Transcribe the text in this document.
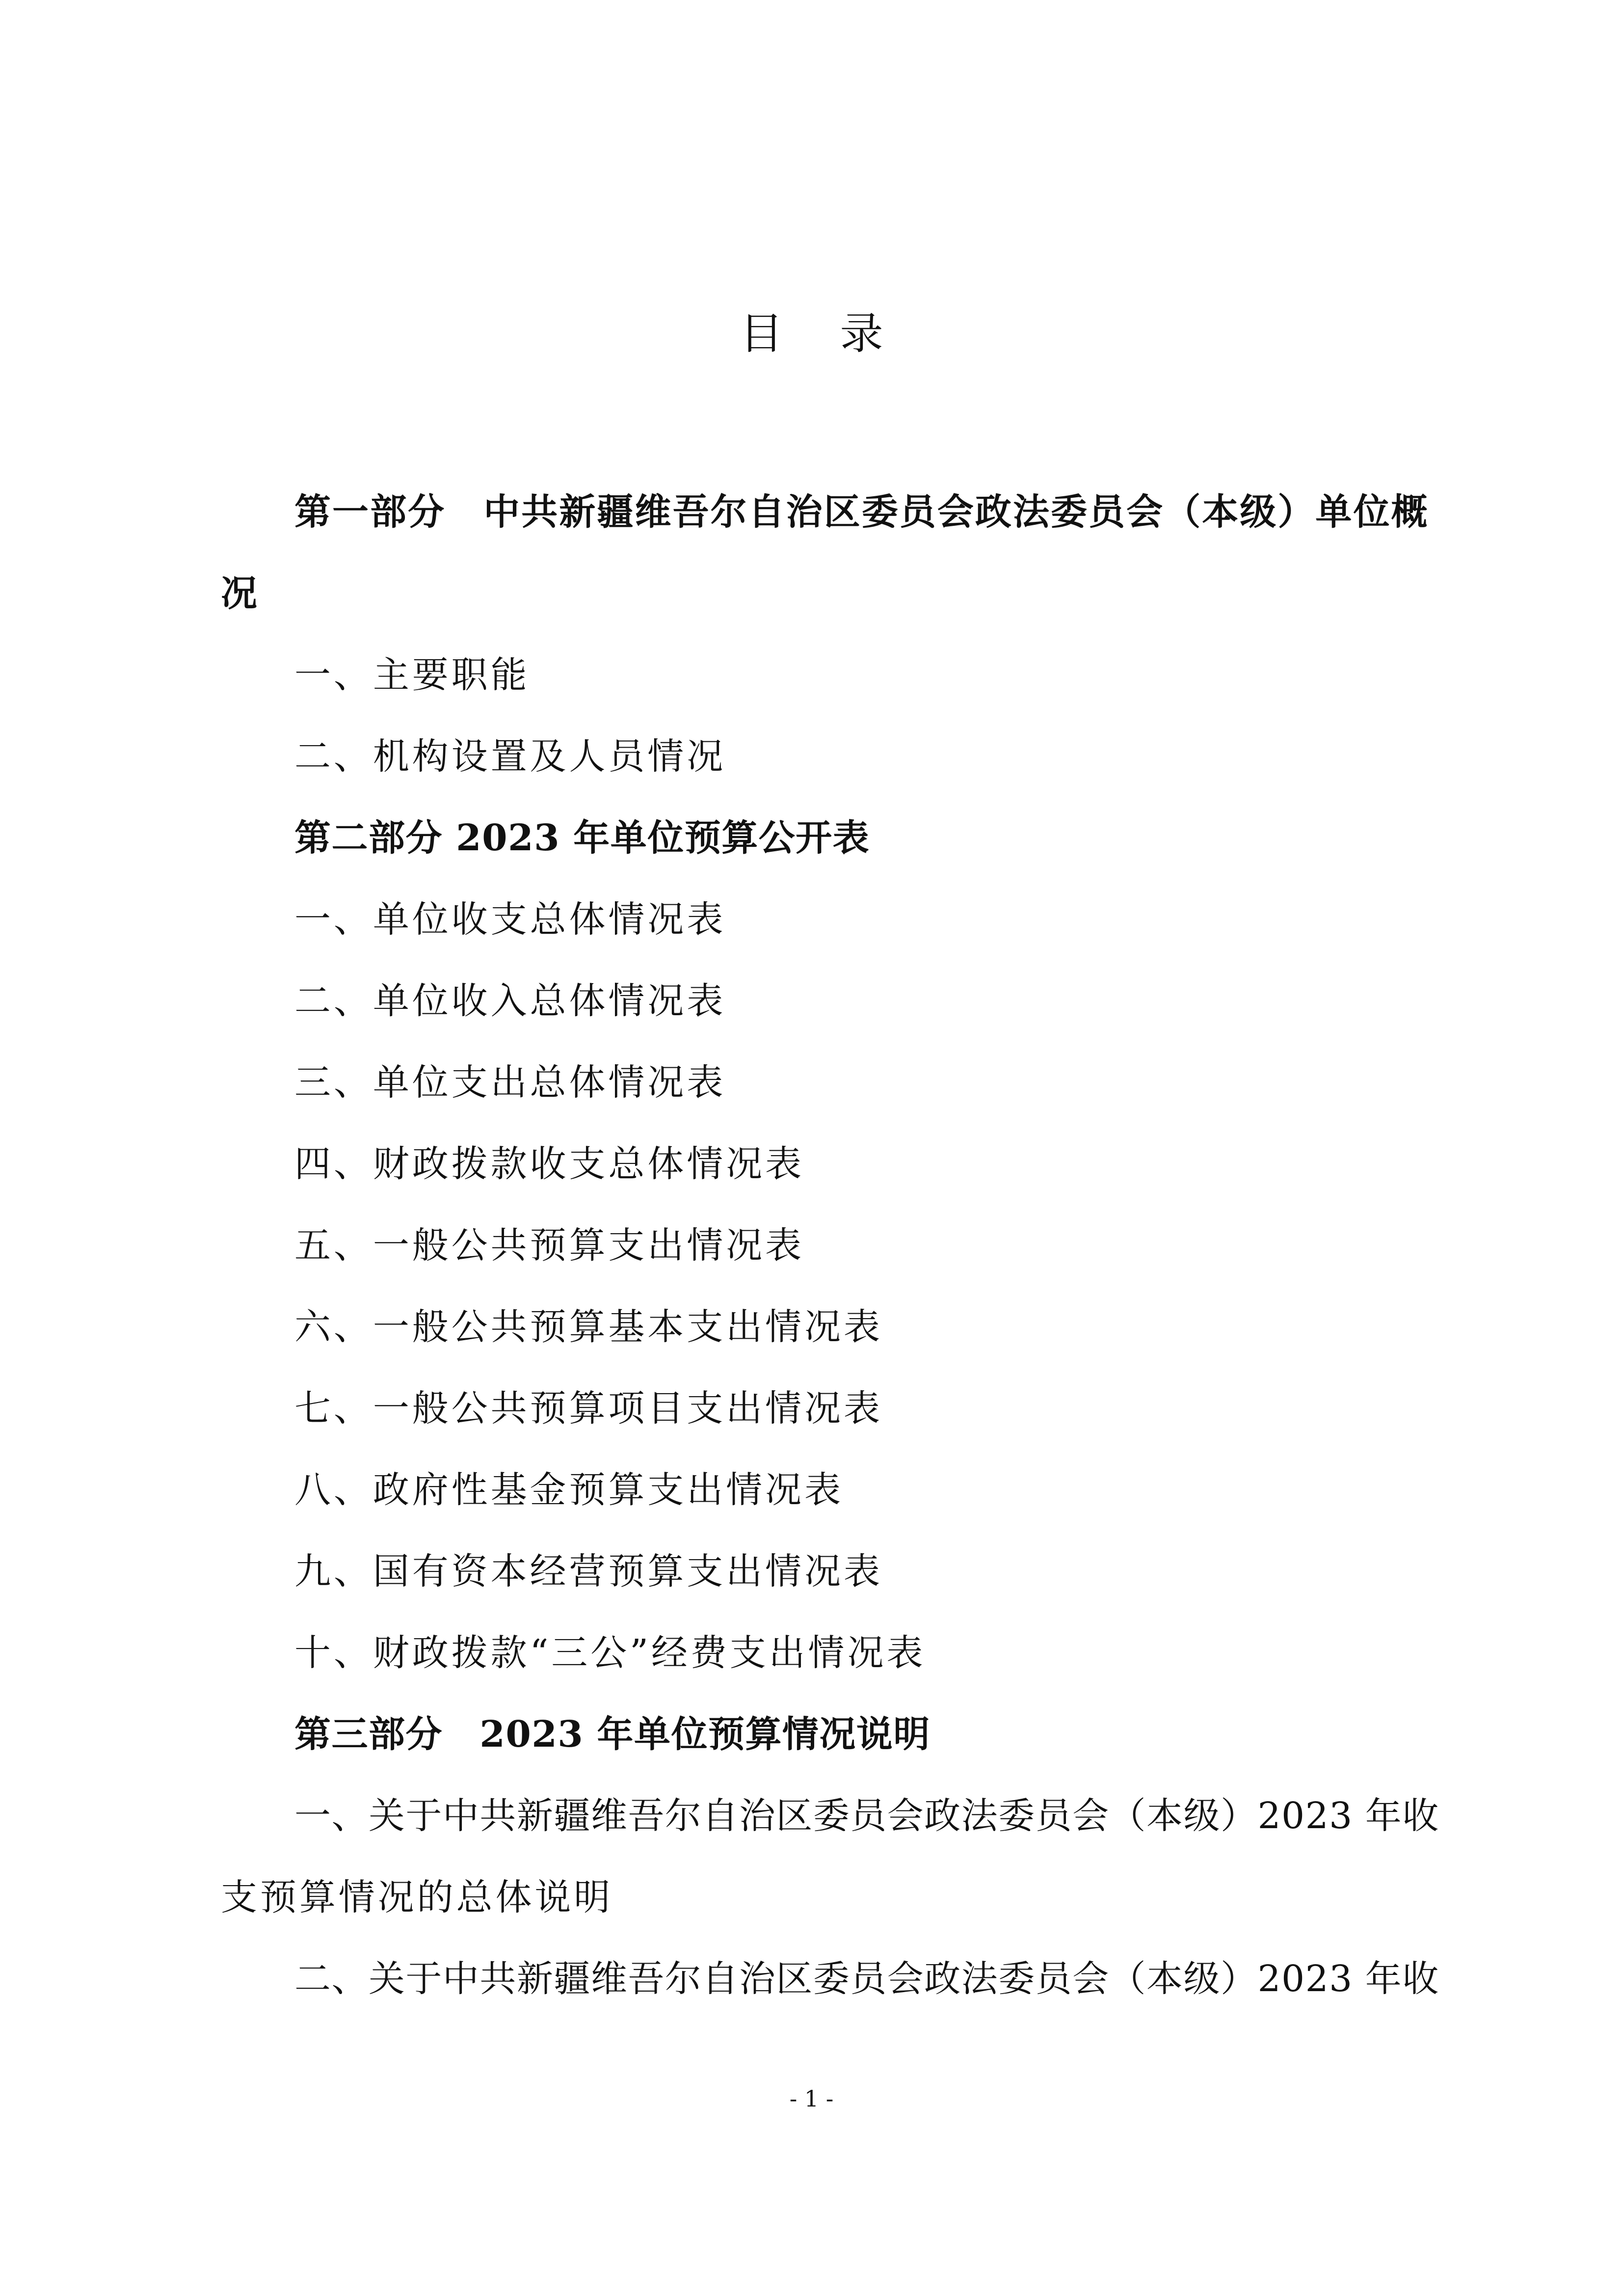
目 录
第一部分　中共新疆维吾尔自治区委员会政法委员会（本级）单位概
况
一、主要职能
二、机构设置及人员情况
第二部分 2023 年单位预算公开表
一、单位收支总体情况表
二、单位收入总体情况表
三、单位支出总体情况表
四、财政拨款收支总体情况表
五、一般公共预算支出情况表
六、一般公共预算基本支出情况表
七、一般公共预算项目支出情况表
八、政府性基金预算支出情况表
九、国有资本经营预算支出情况表
十、财政拨款“三公”经费支出情况表
第三部分　2023 年单位预算情况说明
一、关于中共新疆维吾尔自治区委员会政法委员会（本级）2023 年收
支预算情况的总体说明
二、关于中共新疆维吾尔自治区委员会政法委员会（本级）2023 年收
- 1 -
